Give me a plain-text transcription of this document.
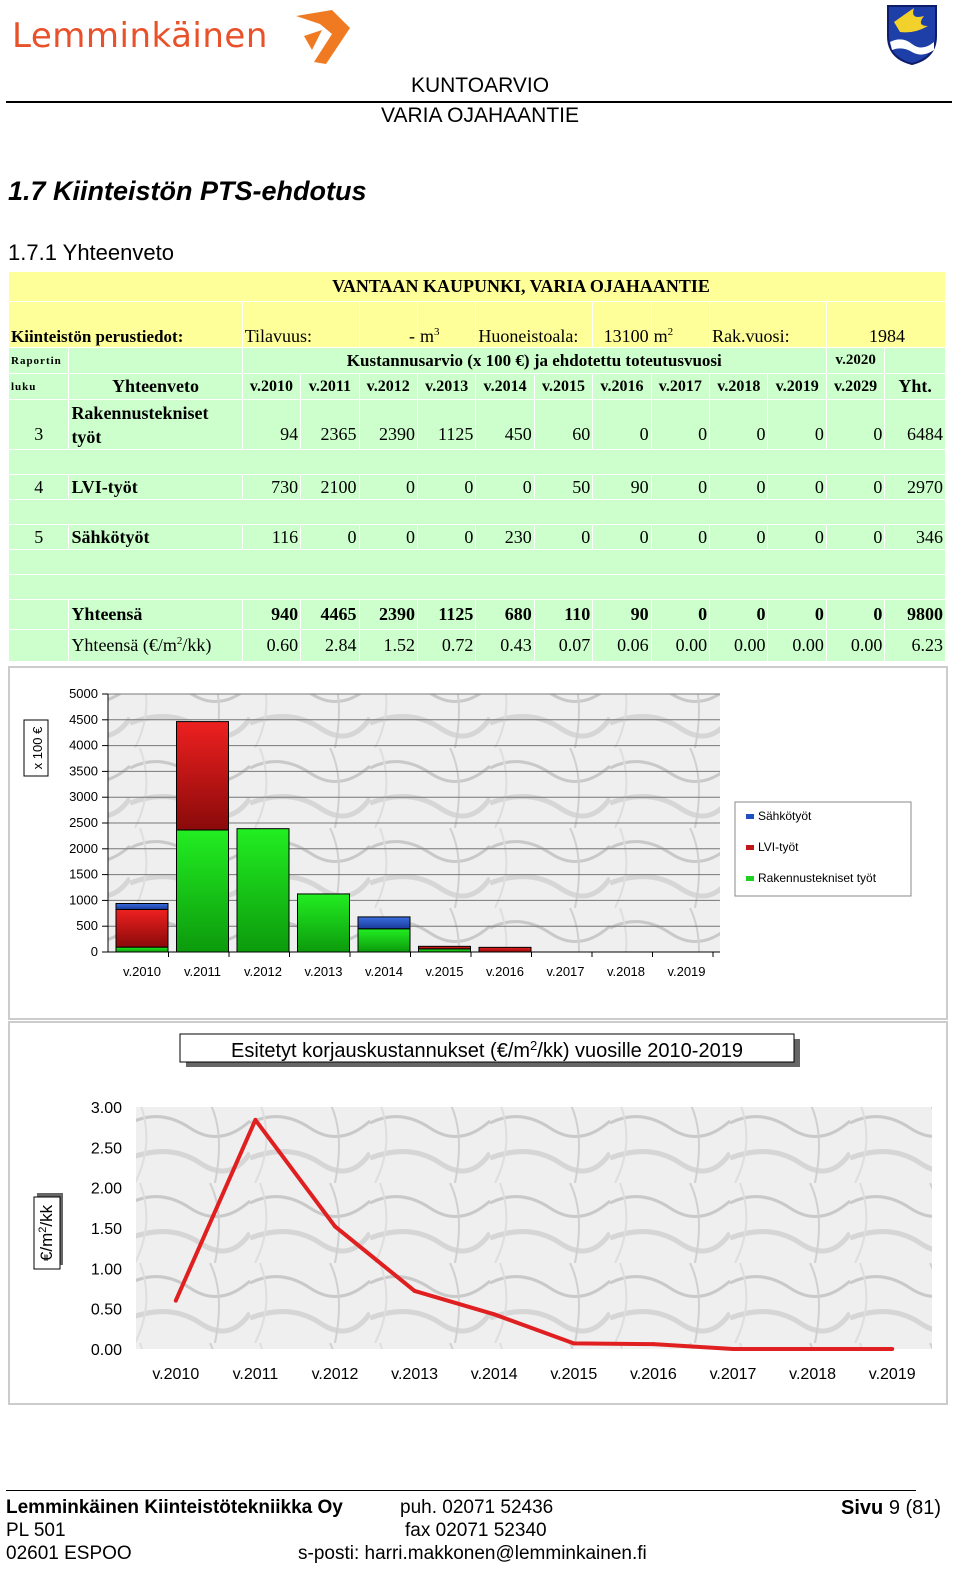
Lemminkäinen
KUNTOARVIO
VARIA OJAHAANTIE
1.7 Kiinteistön PTS-ehdotus
1.7.1 Yhteenveto
VANTAAN KAUPUNKI, VARIA OJAHAANTIE													
Kiinteistön perustiedot:		Tilavuus:		-	$m^3$	Huoneistoala:		13100	$m^2$	Rak.vuosi:		1984	
Raportin		Kustannusarvio (x 100 €) ja ehdotettu toteutusvuosi										v.2020	
luku	Yhteenveto	v.2010	v.2011	v.2012	v.2013	v.2014	v.2015	v.2016	v.2017	v.2018	v.2019	v.2029	Yht.
3	Rakennustekniset
työt	94	2365	2390	1125	450	60	0	0	0	0	0	6484

4	LVI-työt	730	2100	0	0	0	50	90	0	0	0	0	2970

5	Sähkötyöt	116	0	0	0	230	0	0	0	0	0	0	346

	Yhteensä	940	4465	2390	1125	680	110	90	0	0	0	0	9800
	Yhteensä $(€/m^2/kk)$	0.60	2.84	1.52	0.72	0.43	0.07	0.06	0.00	0.00	0.00	0.00	6.23
0
500
1000
1500
2000
2500
3000
3500
4000
4500
5000
v.2010 v.2011 v.2012 v.2013 v.2014 v.2015 v.2016 v.2017 v.2018 v.2019
x 100 €
Sähkötyöt
LVI-työt
Rakennustekniset työt
Esitetyt korjauskustannukset $(€/m^2/kk)$ vuosille 2010-2019
$€/m^2/kk$
0.00
0.50
1.00
1.50
2.00
2.50
3.00
v.2010 v.2011 v.2012 v.2013 v.2014 v.2015 v.2016 v.2017 v.2018 v.2019
Lemminkäinen Kiinteistötekniikka Oy
PL 501
02601 ESPOO
puh. 02071 52436
fax 02071 52340
s-posti: harri.makkonen@lemminkainen.fi
Sivu 9 (81)
